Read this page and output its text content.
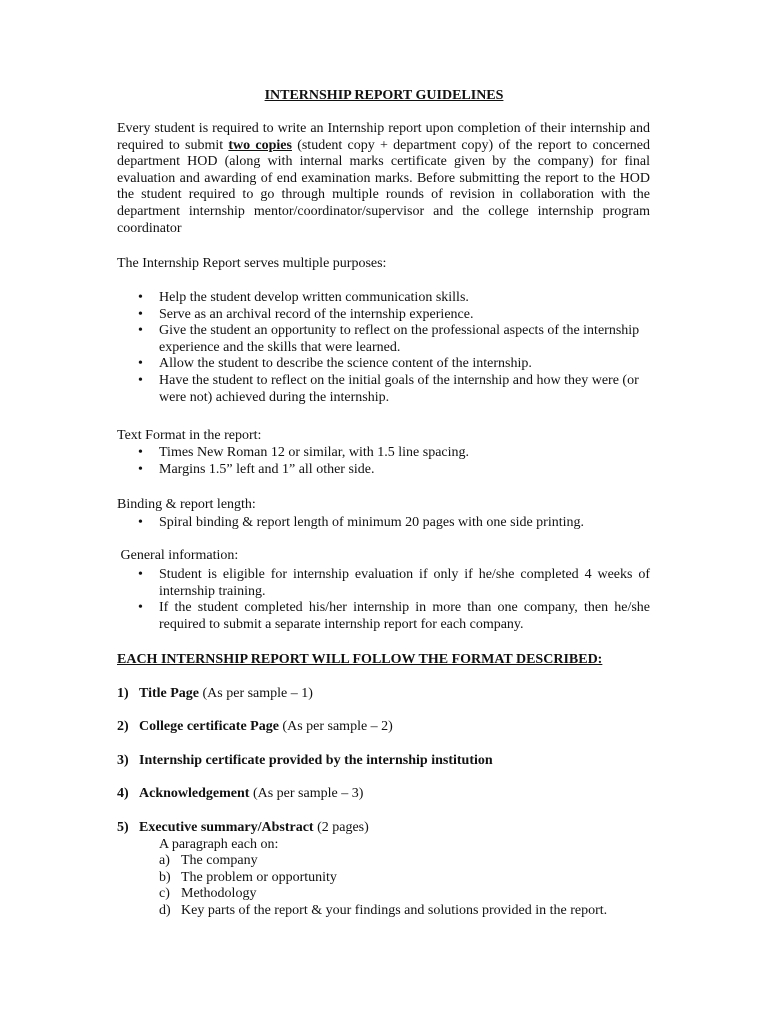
INTERNSHIP REPORT GUIDELINES

Every student is required to write an Internship report upon completion of their internship and required to submit two copies (student copy + department copy) of the report to concerned department HOD (along with internal marks certificate given by the company) for final evaluation and awarding of end examination marks. Before submitting the report to the HOD the student required to go through multiple rounds of revision in collaboration with the department internship mentor/coordinator/supervisor and the college internship program coordinator

The Internship Report serves multiple purposes:

• Help the student develop written communication skills.
• Serve as an archival record of the internship experience.
• Give the student an opportunity to reflect on the professional aspects of the internship experience and the skills that were learned.
• Allow the student to describe the science content of the internship.
• Have the student to reflect on the initial goals of the internship and how they were (or were not) achieved during the internship.

Text Format in the report:

• Times New Roman 12 or similar, with 1.5 line spacing.
• Margins 1.5” left and 1” all other side.

Binding & report length:

• Spiral binding & report length of minimum 20 pages with one side printing.

General information:

• Student is eligible for internship evaluation if only if he/she completed 4 weeks of internship training.
• If the student completed his/her internship in more than one company, then he/she required to submit a separate internship report for each company.

EACH INTERNSHIP REPORT WILL FOLLOW THE FORMAT DESCRIBED:

1) Title Page (As per sample – 1)

2) College certificate Page (As per sample – 2)

3) Internship certificate provided by the internship institution

4) Acknowledgement (As per sample – 3)

5) Executive summary/Abstract (2 pages)

A paragraph each on:

a) The company
b) The problem or opportunity
c) Methodology
d) Key parts of the report & your findings and solutions provided in the report.
